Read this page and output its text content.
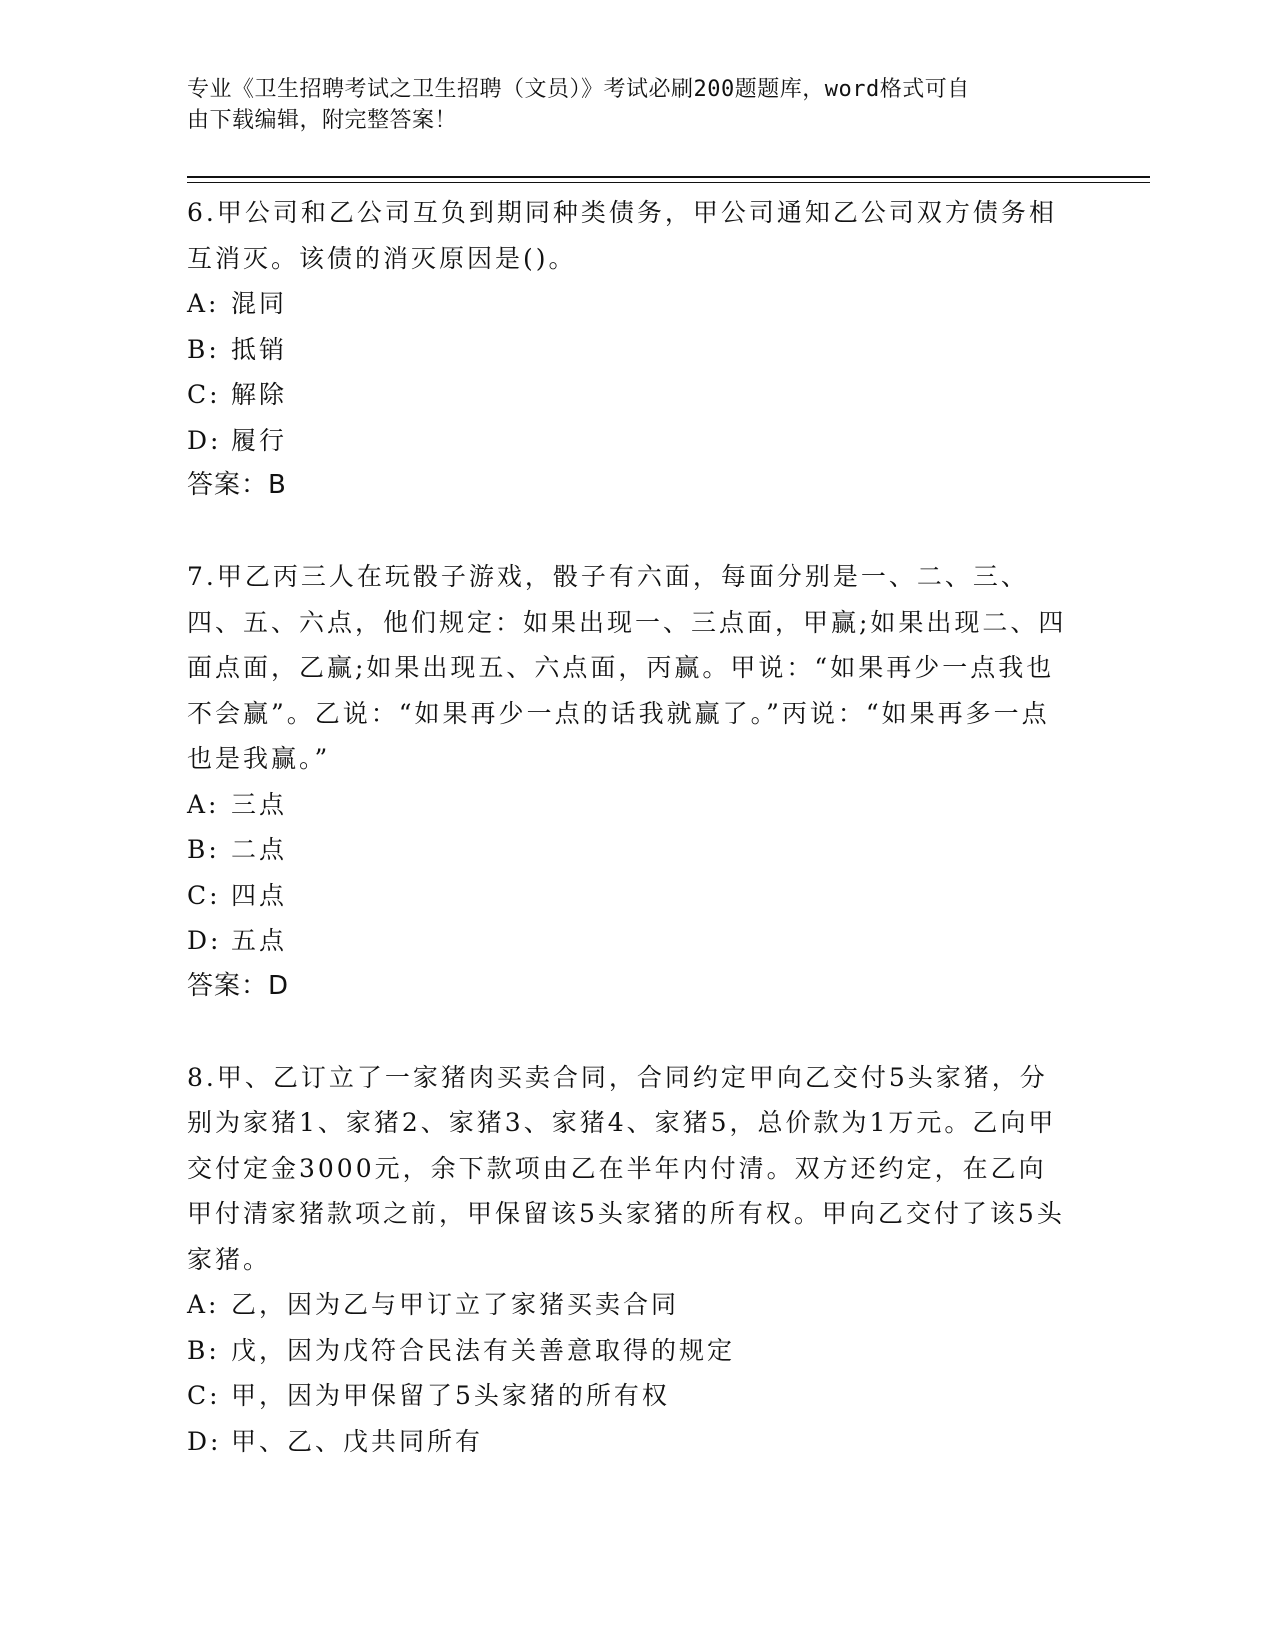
专业《卫生招聘考试之卫生招聘（文员）》考试必刷200题题库，word格式可自
由下载编辑，附完整答案！

6.甲公司和乙公司互负到期同种类债务，甲公司通知乙公司双方债务相互消灭。该债的消灭原因是()。

A: 混同

B: 抵销

C: 解除

D: 履行

答案：B

7.甲乙丙三人在玩骰子游戏，骰子有六面，每面分别是一、二、三、四、五、六点，他们规定：如果出现一、三点面，甲赢;如果出现二、四面点面，乙赢;如果出现五、六点面，丙赢。甲说：“如果再少一点我也不会赢”。乙说：“如果再少一点的话我就赢了。”丙说：“如果再多一点也是我赢。”

A: 三点

B: 二点

C: 四点

D: 五点

答案：D

8.甲、乙订立了一家猪肉买卖合同，合同约定甲向乙交付5头家猪，分别为家猪1、家猪2、家猪3、家猪4、家猪5，总价款为1万元。乙向甲交付定金3000元，余下款项由乙在半年内付清。双方还约定，在乙向甲付清家猪款项之前，甲保留该5头家猪的所有权。甲向乙交付了该5头家猪。

A: 乙，因为乙与甲订立了家猪买卖合同

B: 戊，因为戊符合民法有关善意取得的规定

C: 甲，因为甲保留了5头家猪的所有权

D: 甲、乙、戊共同所有
